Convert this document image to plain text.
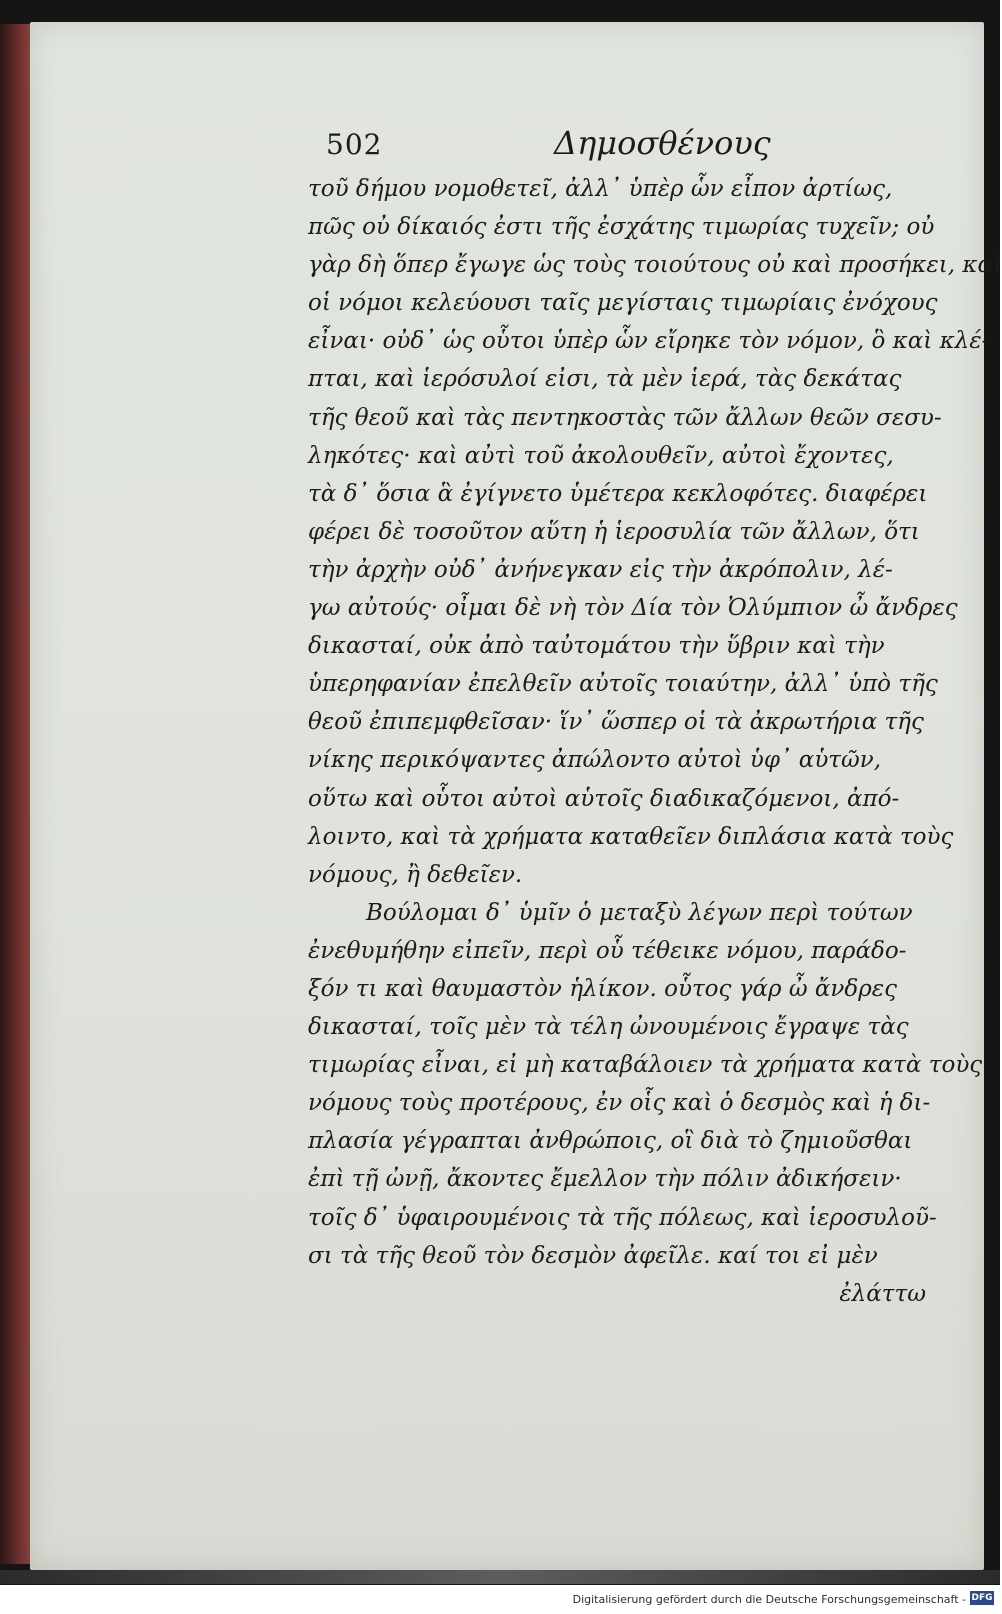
502	Δημοσθένους
τοῦ δήμου νομοθετεῖ, ἀλλ᾽ ὑπὲρ ὧν εἶπον ἀρτίως,
πῶς οὐ δίκαιός ἐστι τῆς ἐσχάτης τιμωρίας τυχεῖν; οὐ
γὰρ δὴ ὅπερ ἔγωγε ὡς τοὺς τοιούτους οὐ καὶ προσήκει, καὶ
οἱ νόμοι κελεύουσι ταῖς μεγίσταις τιμωρίαις ἐνόχους
εἶναι· οὐδ᾽ ὡς οὗτοι ὑπὲρ ὧν εἴρηκε τὸν νόμον, ὃ καὶ κλέ-
πται, καὶ ἱερόσυλοί εἰσι, τὰ μὲν ἱερά, τὰς δεκάτας
τῆς θεοῦ καὶ τὰς πεντηκοστὰς τῶν ἄλλων θεῶν σεσυ-
ληκότες· καὶ αὐτὶ τοῦ ἀκολουθεῖν, αὐτοὶ ἔχοντες,
τὰ δ᾽ ὅσια ἃ ἐγίγνετο ὑμέτερα κεκλοφότες. διαφέρει
φέρει δὲ τοσοῦτον αὕτη ἡ ἱεροσυλία τῶν ἄλλων, ὅτι
τὴν ἀρχὴν οὐδ᾽ ἀνήνεγκαν εἰς τὴν ἀκρόπολιν, λέ-
γω αὐτούς· οἶμαι δὲ νὴ τὸν Δία τὸν Ὀλύμπιον ὦ ἄνδρες
δικασταί, οὐκ ἀπὸ ταὐτομάτου τὴν ὕβριν καὶ τὴν
ὑπερηφανίαν ἐπελθεῖν αὐτοῖς τοιαύτην, ἀλλ᾽ ὑπὸ τῆς
θεοῦ ἐπιπεμφθεῖσαν· ἵν᾽ ὥσπερ οἱ τὰ ἀκρωτήρια τῆς
νίκης περικόψαντες ἀπώλοντο αὐτοὶ ὑφ᾽ αὑτῶν,
οὕτω καὶ οὗτοι αὐτοὶ αὑτοῖς διαδικαζόμενοι, ἀπό-
λοιντο, καὶ τὰ χρήματα καταθεῖεν διπλάσια κατὰ τοὺς
νόμους, ἢ δεθεῖεν.
Βούλομαι δ᾽ ὑμῖν ὁ μεταξὺ λέγων περὶ τούτων
ἐνεθυμήθην εἰπεῖν, περὶ οὗ τέθεικε νόμου, παράδο-
ξόν τι καὶ θαυμαστὸν ἡλίκον. οὗτος γάρ ὦ ἄνδρες
δικασταί, τοῖς μὲν τὰ τέλη ὠνουμένοις ἔγραψε τὰς
τιμωρίας εἶναι, εἰ μὴ καταβάλοιεν τὰ χρήματα κατὰ τοὺς
νόμους τοὺς προτέρους, ἐν οἷς καὶ ὁ δεσμὸς καὶ ἡ δι-
πλασία γέγραπται ἀνθρώποις, οἳ διὰ τὸ ζημιοῦσθαι
ἐπὶ τῇ ὠνῇ, ἄκοντες ἔμελλον τὴν πόλιν ἀδικήσειν·
τοῖς δ᾽ ὑφαιρουμένοις τὰ τῆς πόλεως, καὶ ἱεροσυλοῦ-
σι τὰ τῆς θεοῦ τὸν δεσμὸν ἀφεῖλε. καί τοι εἰ μὲν
ἐλάττω
Digitalisierung gefördert durch die Deutsche Forschungsgemeinschaft - DFG
